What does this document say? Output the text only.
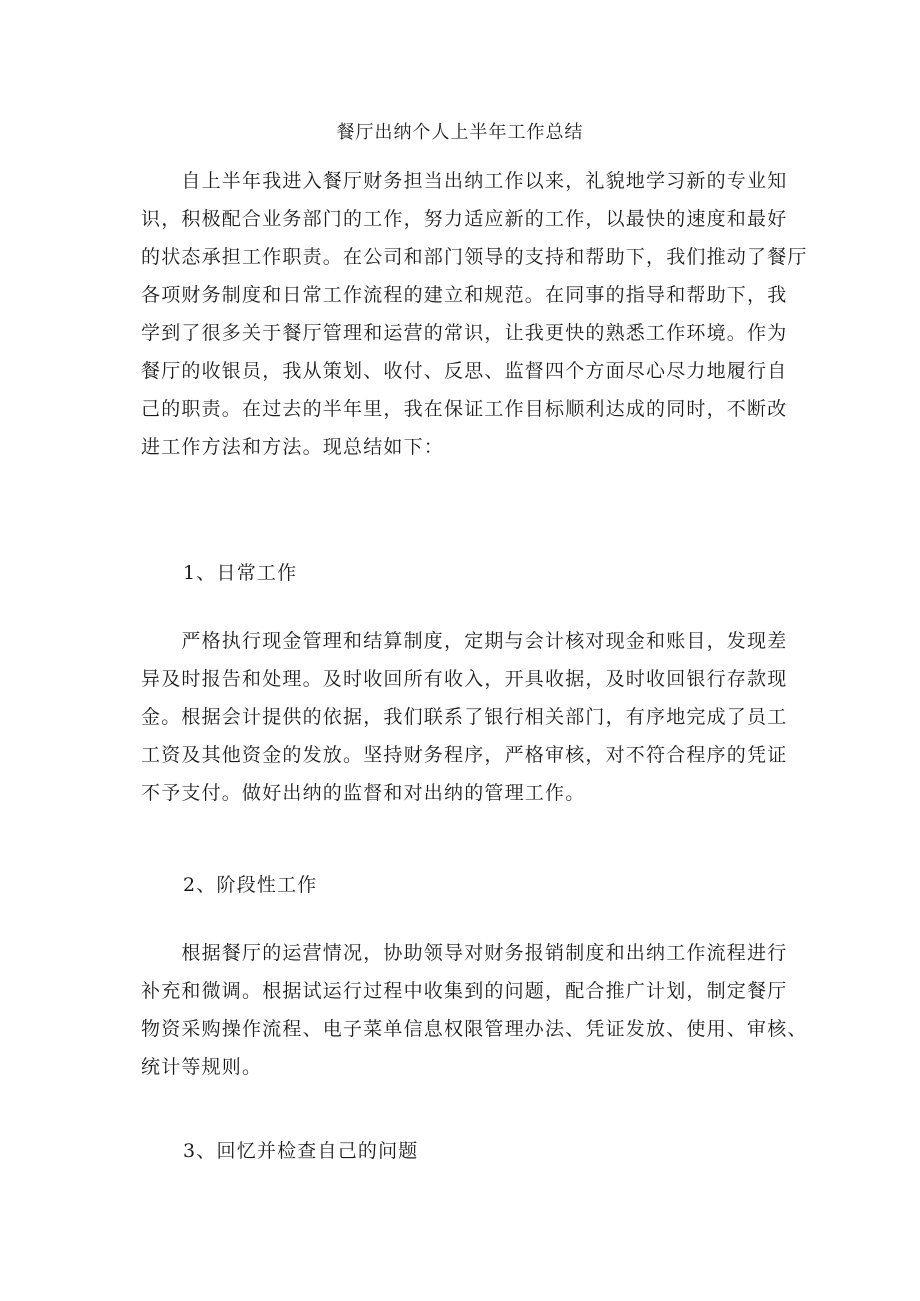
餐厅出纳个人上半年工作总结
　　自上半年我进入餐厅财务担当出纳工作以来，礼貌地学习新的专业知
识，积极配合业务部门的工作，努力适应新的工作，以最快的速度和最好
的状态承担工作职责。在公司和部门领导的支持和帮助下，我们推动了餐厅
各项财务制度和日常工作流程的建立和规范。在同事的指导和帮助下，我
学到了很多关于餐厅管理和运营的常识，让我更快的熟悉工作环境。作为
餐厅的收银员，我从策划、收付、反思、监督四个方面尽心尽力地履行自
己的职责。在过去的半年里，我在保证工作目标顺利达成的同时，不断改
进工作方法和方法。现总结如下：
1、日常工作
　　严格执行现金管理和结算制度，定期与会计核对现金和账目，发现差
异及时报告和处理。及时收回所有收入，开具收据，及时收回银行存款现
金。根据会计提供的依据，我们联系了银行相关部门，有序地完成了员工
工资及其他资金的发放。坚持财务程序，严格审核，对不符合程序的凭证
不予支付。做好出纳的监督和对出纳的管理工作。
2、阶段性工作
　　根据餐厅的运营情况，协助领导对财务报销制度和出纳工作流程进行
补充和微调。根据试运行过程中收集到的问题，配合推广计划，制定餐厅
物资采购操作流程、电子菜单信息权限管理办法、凭证发放、使用、审核、
统计等规则。
3、回忆并检查自己的问题
